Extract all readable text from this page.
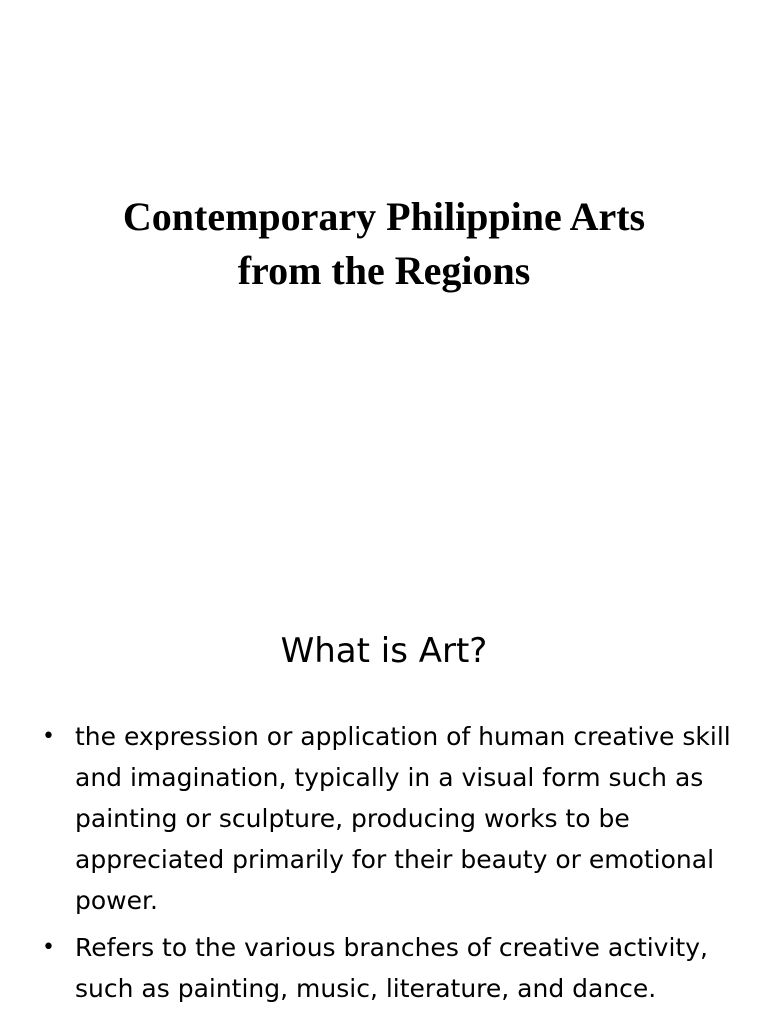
Contemporary Philippine Arts
from the Regions
What is Art?
• the expression or application of human creative skill and imagination, typically in a visual form such as painting or sculpture, producing works to be appreciated primarily for their beauty or emotional power.
• Refers to the various branches of creative activity, such as painting, music, literature, and dance.
